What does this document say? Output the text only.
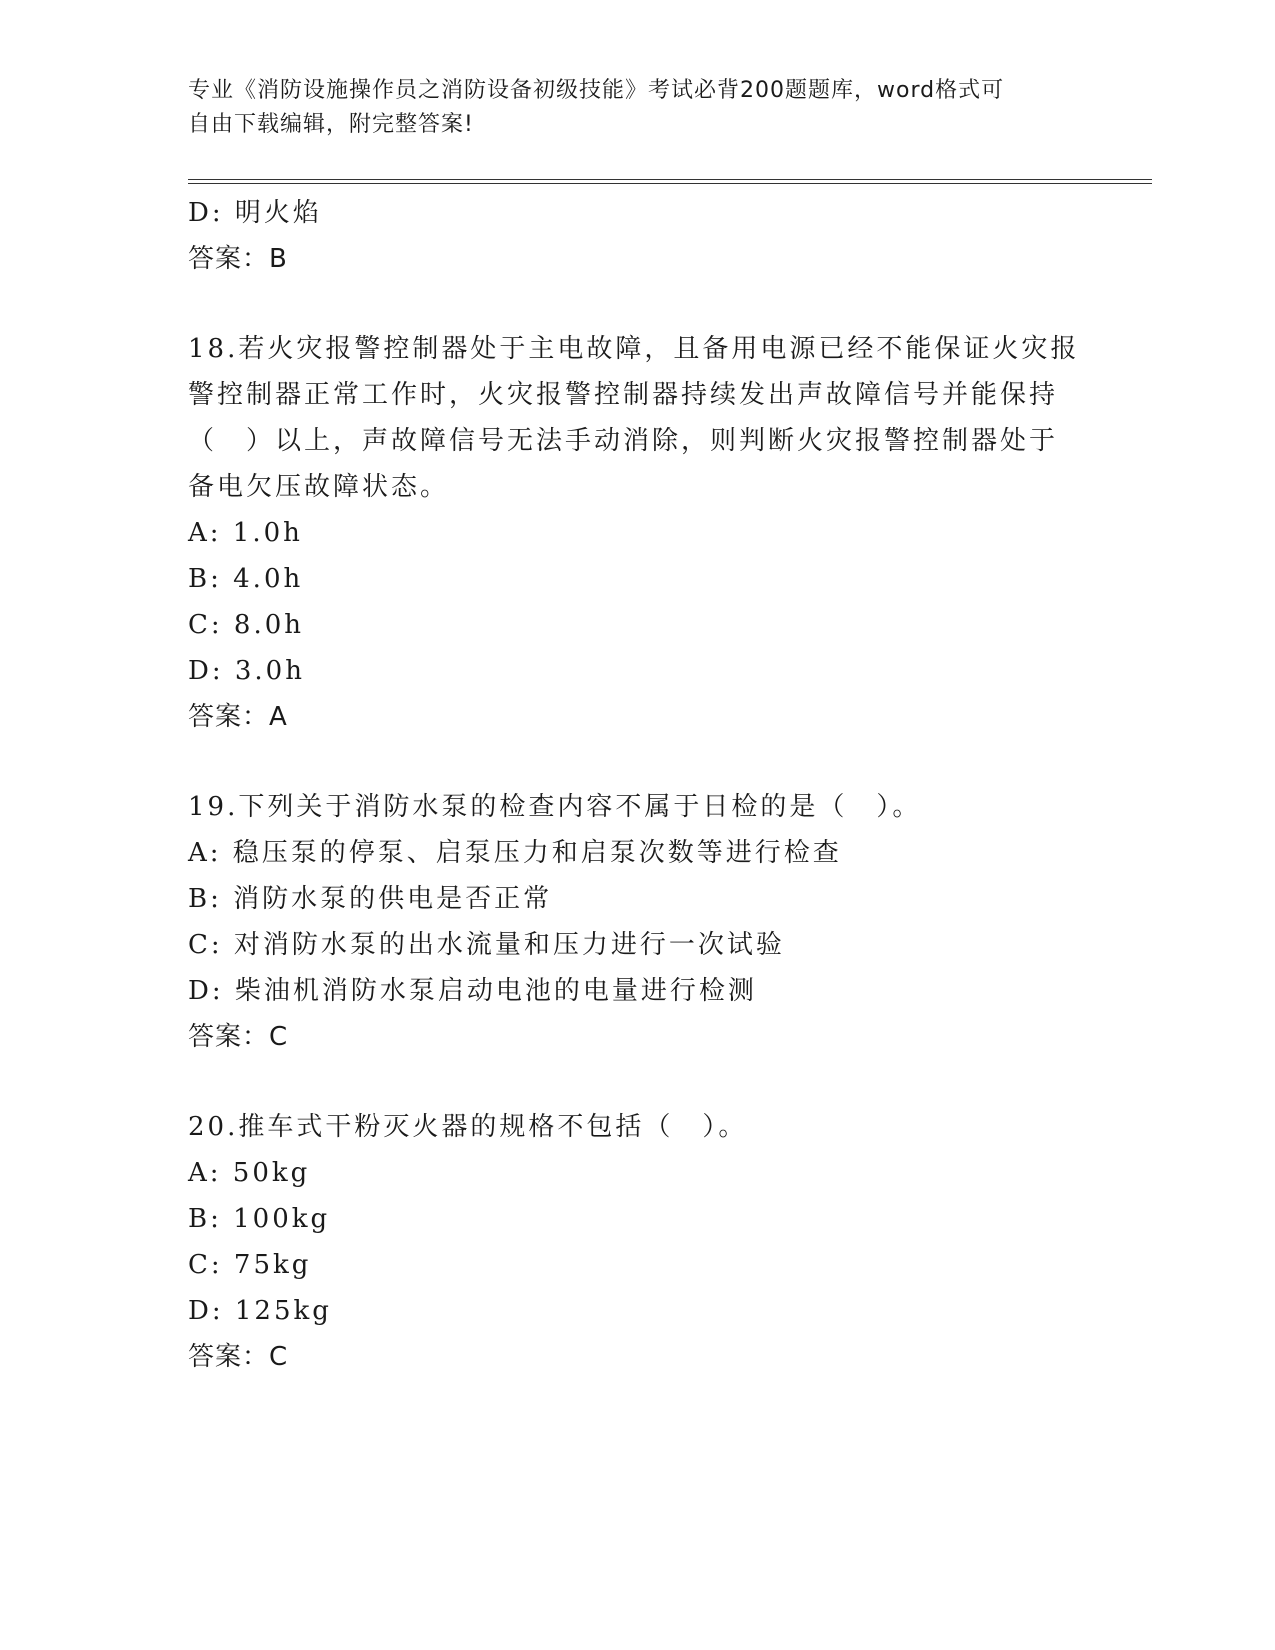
专业《消防设施操作员之消防设备初级技能》考试必背200题题库，word格式可
自由下载编辑，附完整答案!
D: 明火焰
答案：B
18.若火灾报警控制器处于主电故障，且备用电源已经不能保证火灾报
警控制器正常工作时，火灾报警控制器持续发出声故障信号并能保持
（　）以上，声故障信号无法手动消除，则判断火灾报警控制器处于
备电欠压故障状态。
A: 1.0h
B: 4.0h
C: 8.0h
D: 3.0h
答案：A
19.下列关于消防水泵的检查内容不属于日检的是（　）。
A: 稳压泵的停泵、启泵压力和启泵次数等进行检查
B: 消防水泵的供电是否正常
C: 对消防水泵的出水流量和压力进行一次试验
D: 柴油机消防水泵启动电池的电量进行检测
答案：C
20.推车式干粉灭火器的规格不包括（　）。
A: 50kg
B: 100kg
C: 75kg
D: 125kg
答案：C
